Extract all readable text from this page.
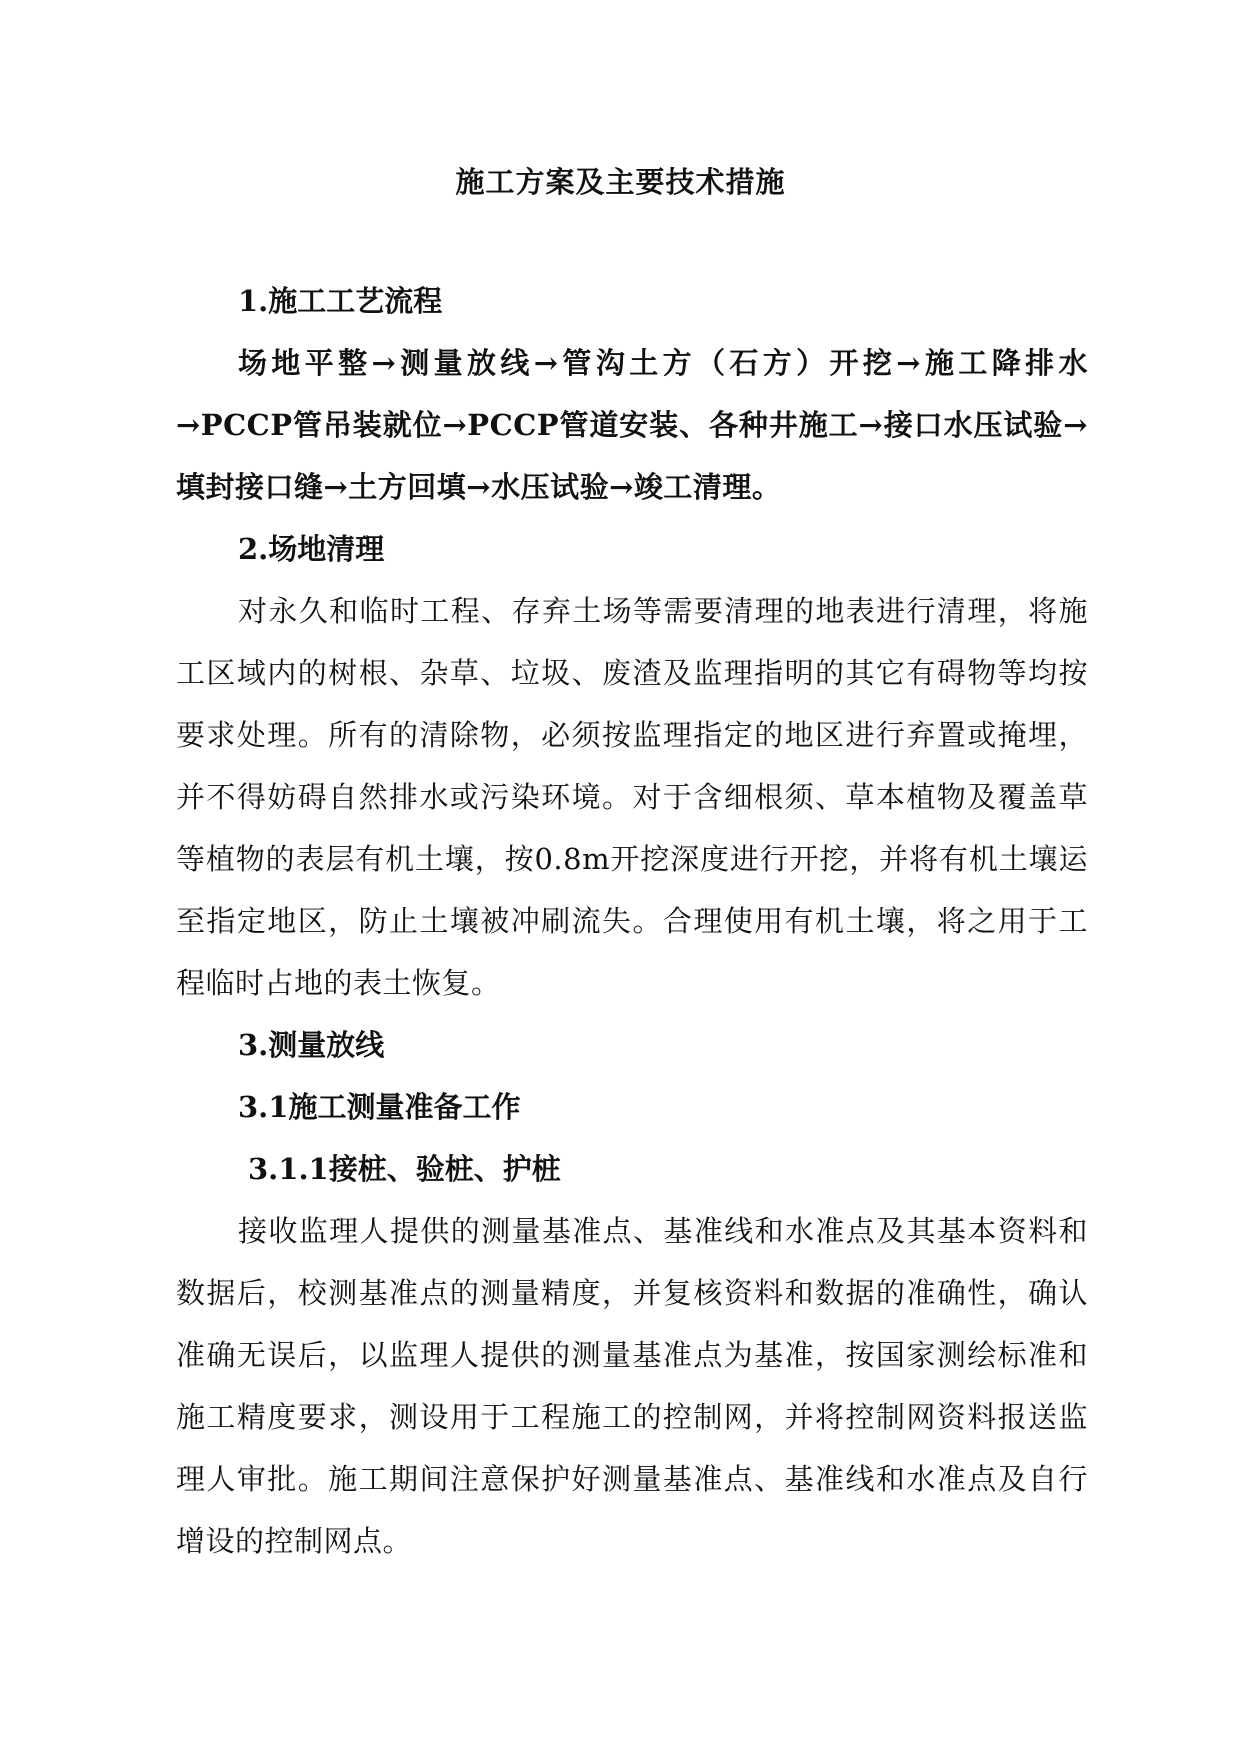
施工方案及主要技术措施
1.施工工艺流程
场地平整→测量放线→管沟土方（石方）开挖→施工降排水→PCCP管吊装就位→PCCP管道安装、各种井施工→接口水压试验→填封接口缝→土方回填→水压试验→竣工清理。
2.场地清理
对永久和临时工程、存弃土场等需要清理的地表进行清理，将施工区域内的树根、杂草、垃圾、废渣及监理指明的其它有碍物等均按要求处理。所有的清除物，必须按监理指定的地区进行弃置或掩埋，并不得妨碍自然排水或污染环境。对于含细根须、草本植物及覆盖草等植物的表层有机土壤，按0.8m开挖深度进行开挖，并将有机土壤运至指定地区，防止土壤被冲刷流失。合理使用有机土壤，将之用于工程临时占地的表土恢复。
3.测量放线
3.1施工测量准备工作
3.1.1接桩、验桩、护桩
接收监理人提供的测量基准点、基准线和水准点及其基本资料和数据后，校测基准点的测量精度，并复核资料和数据的准确性，确认准确无误后，以监理人提供的测量基准点为基准，按国家测绘标准和施工精度要求，测设用于工程施工的控制网，并将控制网资料报送监理人审批。施工期间注意保护好测量基准点、基准线和水准点及自行增设的控制网点。
